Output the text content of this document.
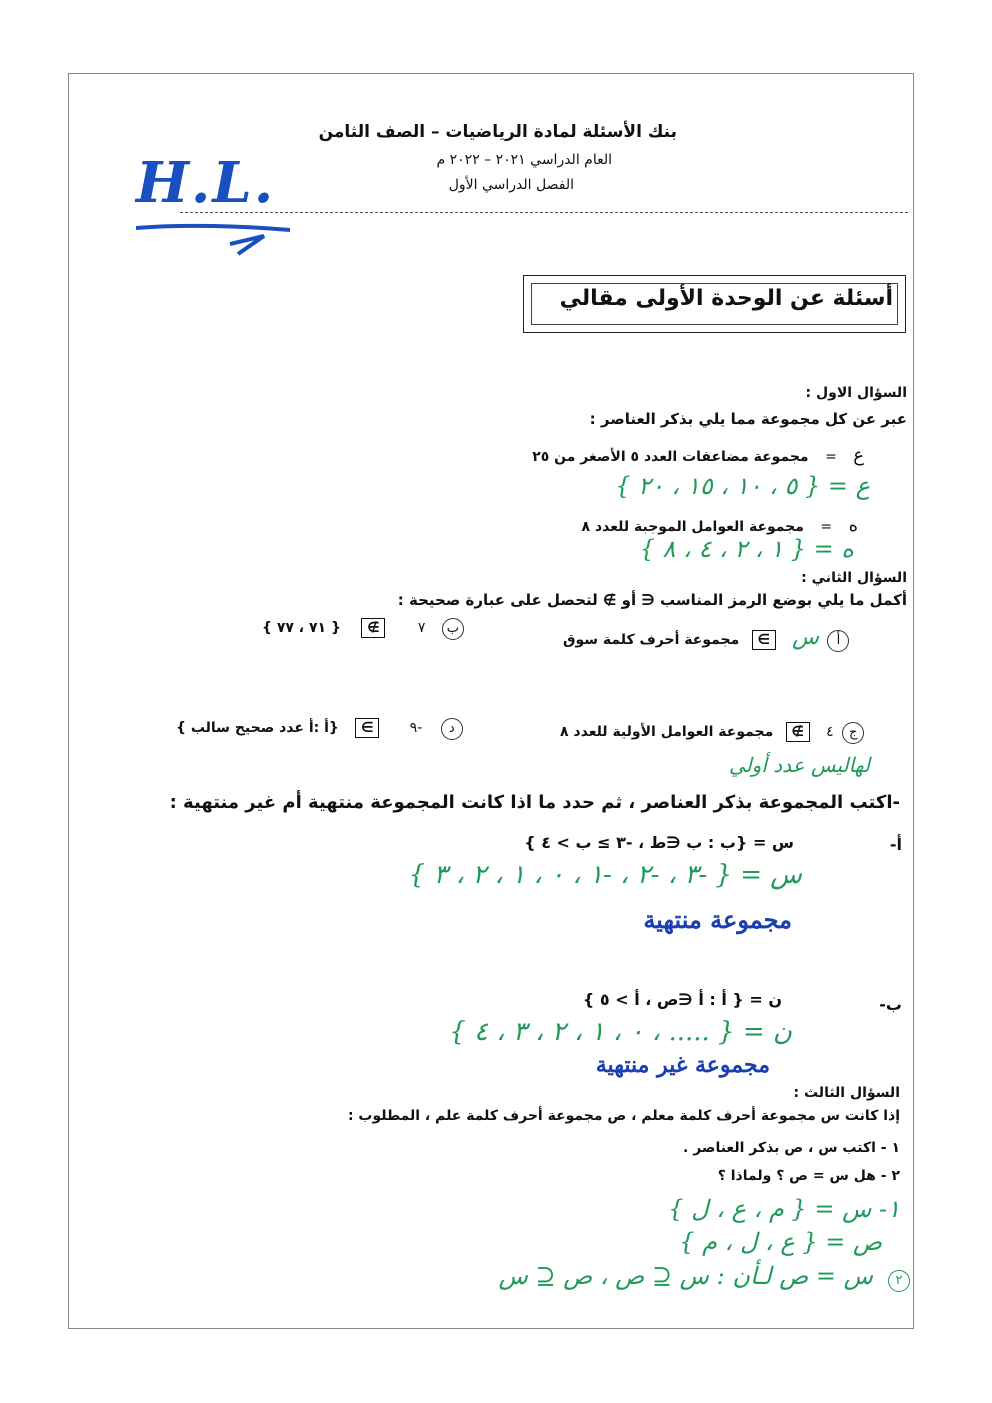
بنك الأسئلة لمادة الرياضيات – الصف الثامن
العام الدراسي ٢٠٢١ – ٢٠٢٢ م
الفصل الدراسي الأول
H.L.
أسئلة عن الوحدة الأولى مقالي
السؤال الاول :
عبر عن كل مجموعة مما يلي بذكر العناصر :
ع = مجموعة مضاعفات العدد ٥ الأصغر من ٢٥
ع = { ٥ ، ١٠ ، ١٥ ، ٢٠ }
ه = مجموعة العوامل الموجبة للعدد ٨
ه = { ١ ، ٢ ، ٤ ، ٨ }
السؤال الثاني :
أكمل ما يلي بوضع الرمز المناسب ∈ أو ∌ لتحصل على عبارة صحيحة :
أ س ∋ مجموعة أحرف كلمة سوق
ب ٧ ∌ { ٧١ ، ٧٧ }
ج ٤ ∌ مجموعة العوامل الأولية للعدد ٨
لهاليس عدد أولي
د -٩ ∋ {أ :أ عدد صحيح سالب }
-اكتب المجموعة بذكر العناصر ، ثم حدد ما اذا كانت المجموعة منتهية أم غير منتهية :
أ-
س = {ب : ب ∈ط ، -٣ ≥ ب > ٤ }
س = { -٣ ، -٢ ، -١ ، ٠ ، ١ ، ٢ ، ٣ }
مجموعة منتهية
ب-
ن = { أ : أ ∈ص ، أ > ٥ }
ن = { ..... ، ٠ ، ١ ، ٢ ، ٣ ، ٤ }
مجموعة غير منتهية
السؤال الثالث :
إذا كانت س مجموعة أحرف كلمة معلم ، ص مجموعة أحرف كلمة علم ، المطلوب :
١ - اكتب س ، ص بذكر العناصر .
٢ - هل س = ص ؟ ولماذا ؟
١- س = { م ، ع ، ل }
ص = { ع ، ل ، م }
٢ س = ص لـأن : س ⊆ ص ، ص ⊆ س
